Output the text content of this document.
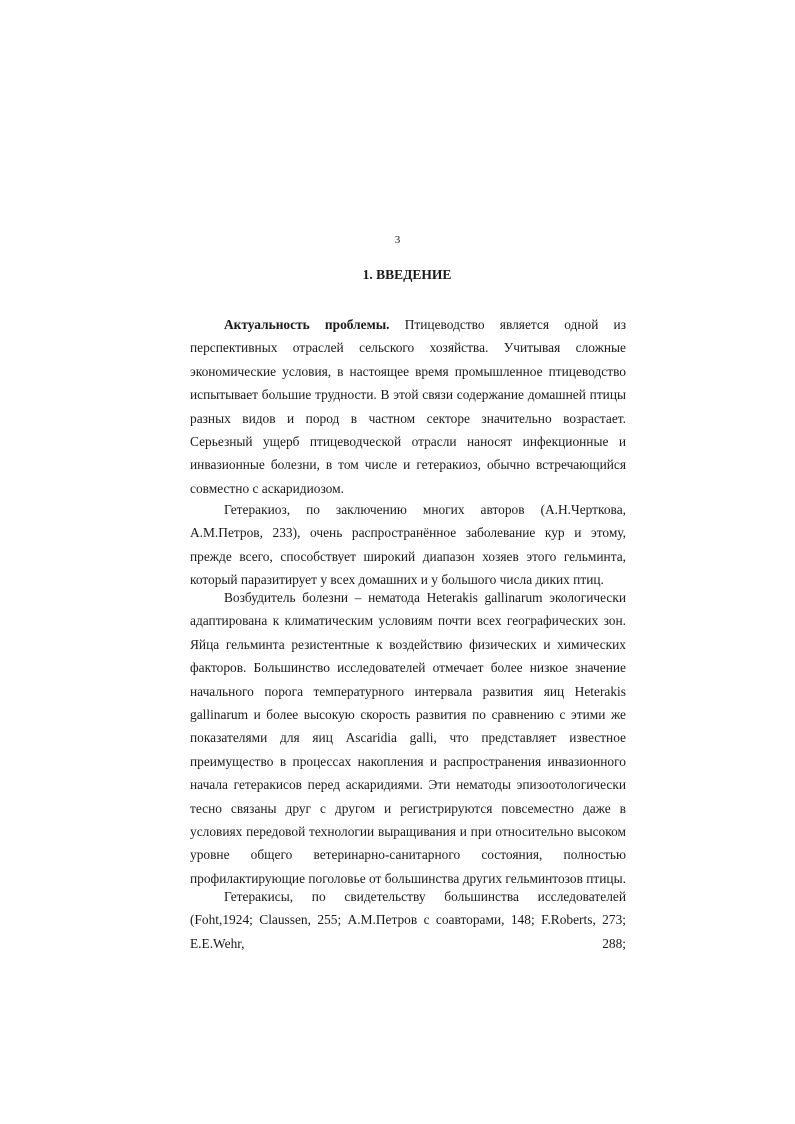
3
1. ВВЕДЕНИЕ

Актуальность проблемы. Птицеводство является одной из перспективных отраслей сельского хозяйства. Учитывая сложные экономические условия, в настоящее время промышленное птицеводство испытывает большие трудности. В этой связи содержание домашней птицы разных видов и пород в частном секторе значительно возрастает. Серьезный ущерб птицеводческой отрасли наносят инфекционные и инвазионные болезни, в том числе и гетеракиоз, обычно встречающийся совместно с аскаридиозом.

Гетеракиоз, по заключению многих авторов (А.Н.Черткова, А.М.Петров, 233), очень распространённое заболевание кур и этому, прежде всего, способствует широкий диапазон хозяев этого гельминта, который паразитирует у всех домашних и у большого числа диких птиц.

Возбудитель болезни – нематода Heterakis gallinarum экологически адаптирована к климатическим условиям почти всех географических зон. Яйца гельминта резистентные к воздействию физических и химических факторов. Большинство исследователей отмечает более низкое значение начального порога температурного интервала развития яиц Heterakis gallinarum и более высокую скорость развития по сравнению с этими же показателями для яиц Ascaridia galli, что представляет известное преимущество в процессах накопления и распространения инвазионного начала гетеракисов перед аскаридиями. Эти нематоды эпизоотологически тесно связаны друг с другом и регистрируются повсеместно даже в условиях передовой технологии выращивания и при относительно высоком уровне общего ветеринарно-санитарного состояния, полностью профилактирующие поголовье от большинства других гельминтозов птицы.

Гетеракисы, по свидетельству большинства исследователей (Foht,1924; Claussen, 255; А.М.Петров с соавторами, 148; F.Roberts, 273; E.E.Wehr, 288;
